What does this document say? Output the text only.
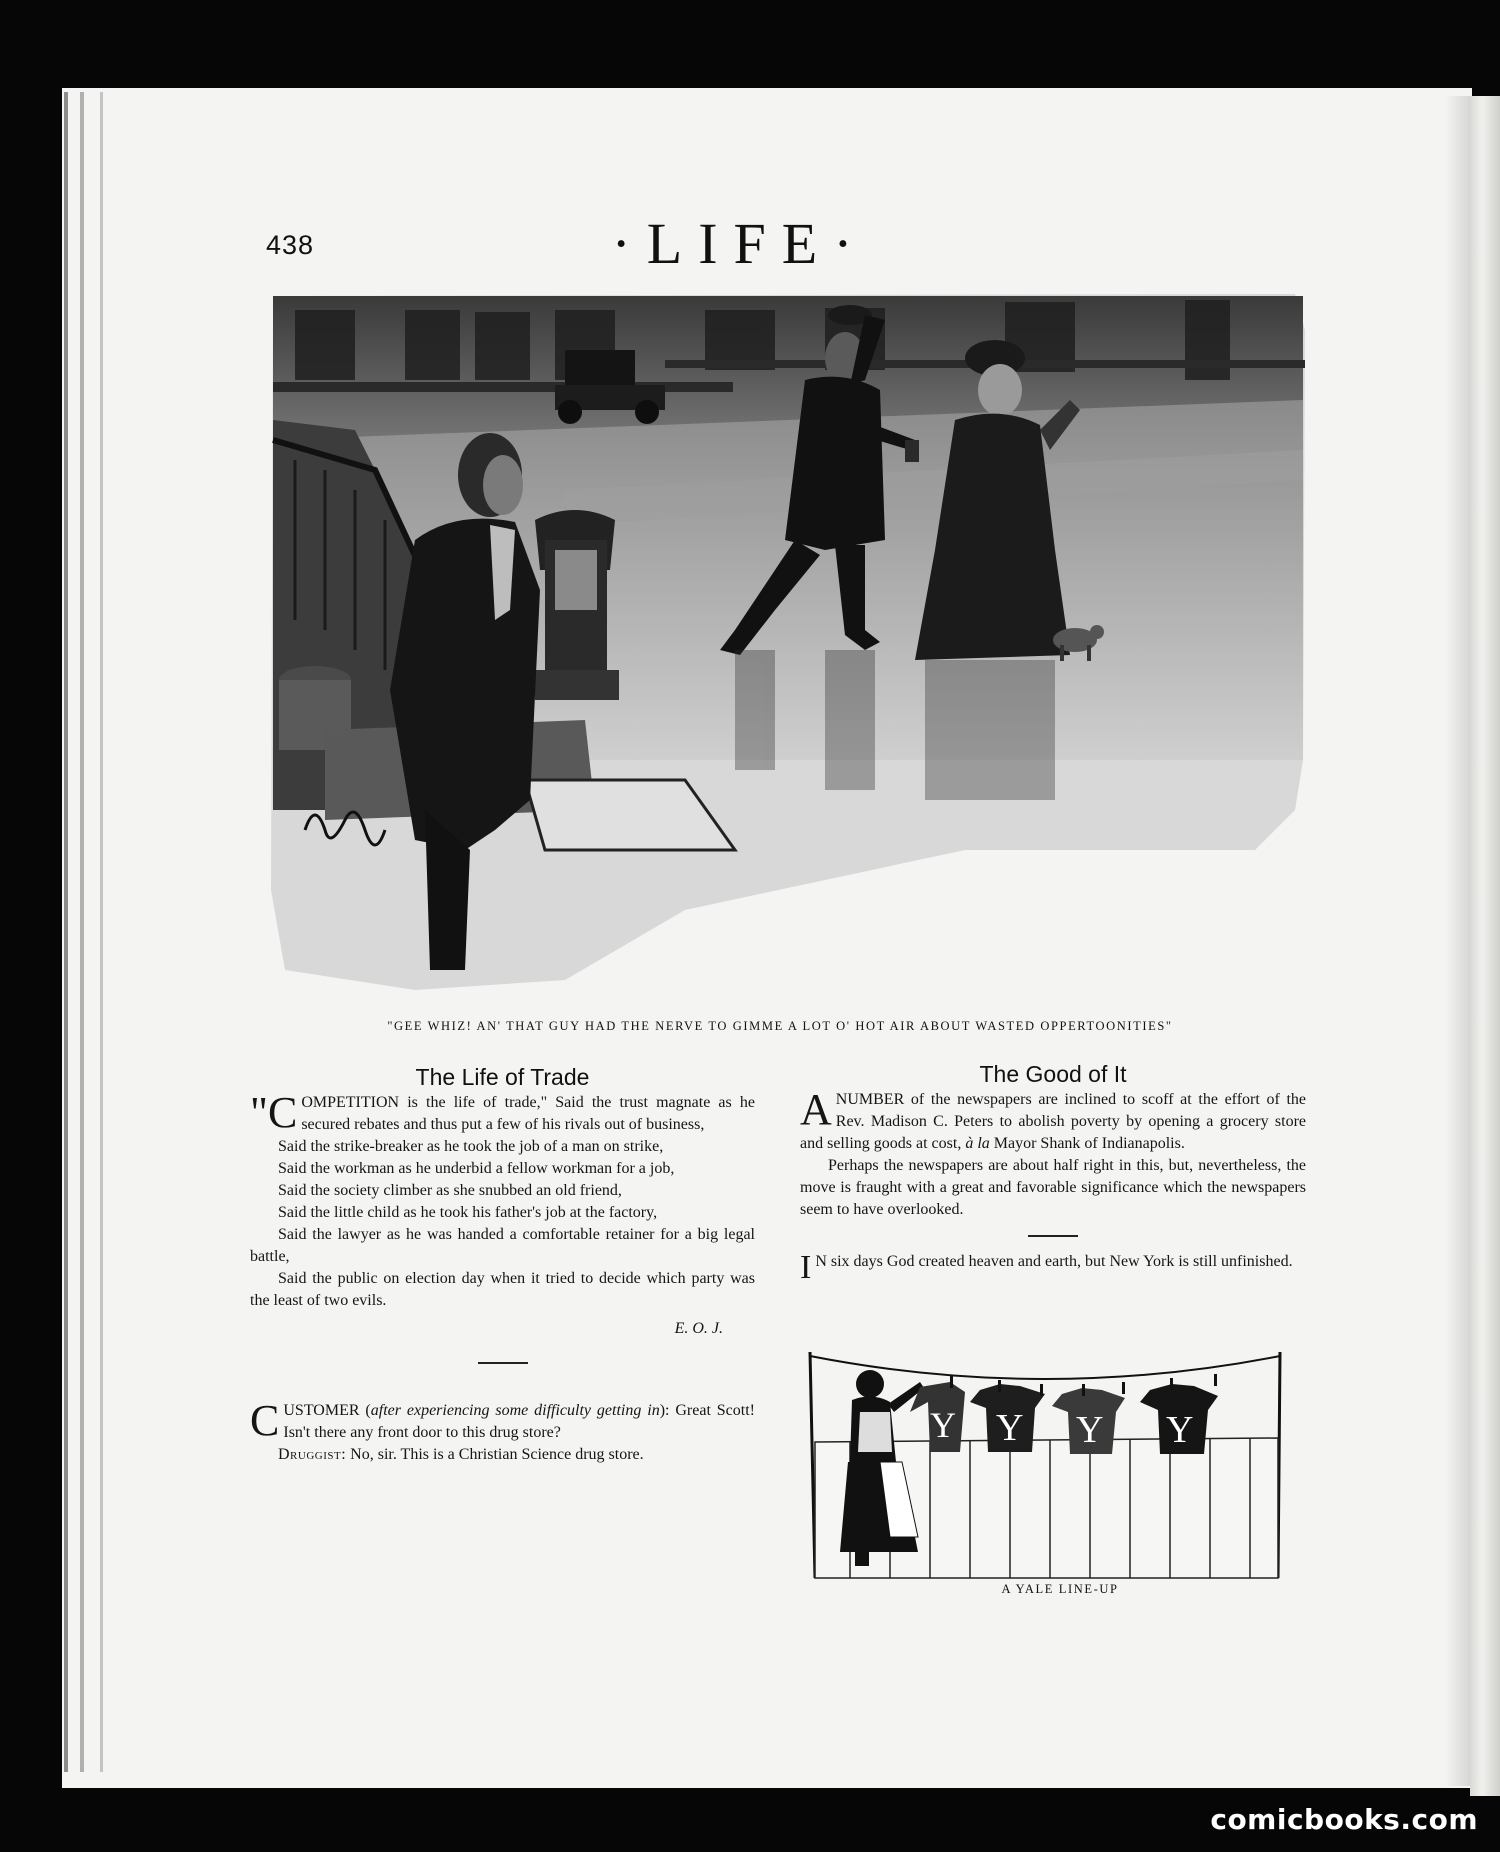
438	·LIFE·
"GEE WHIZ! AN' THAT GUY HAD THE NERVE TO GIMME A LOT O' HOT AIR ABOUT WASTED OPPERTOONITIES"
The Life of Trade

"COMPETITION is the life of trade," Said the trust magnate as he secured rebates and thus put a few of his rivals out of business,

Said the strike-breaker as he took the job of a man on strike,

Said the workman as he underbid a fellow workman for a job,

Said the society climber as she snubbed an old friend,

Said the little child as he took his father's job at the factory,

Said the lawyer as he was handed a comfortable retainer for a big legal battle,

Said the public on election day when it tried to decide which party was the least of two evils.

E. O. J.

CUSTOMER (after experiencing some difficulty getting in): Great Scott! Isn't there any front door to this drug store?

Druggist: No, sir. This is a Christian Science drug store.

The Good of It

ANUMBER of the newspapers are inclined to scoff at the effort of the Rev. Madison C. Peters to abolish poverty by opening a grocery store and selling goods at cost, à la Mayor Shank of Indianapolis.

Perhaps the newspapers are about half right in this, but, nevertheless, the move is fraught with a great and favorable significance which the newspapers seem to have overlooked.

I N six days God created heaven and earth, but New York is still unfinished.

Y Y Y Y
A YALE LINE-UP
comicbooks.com
